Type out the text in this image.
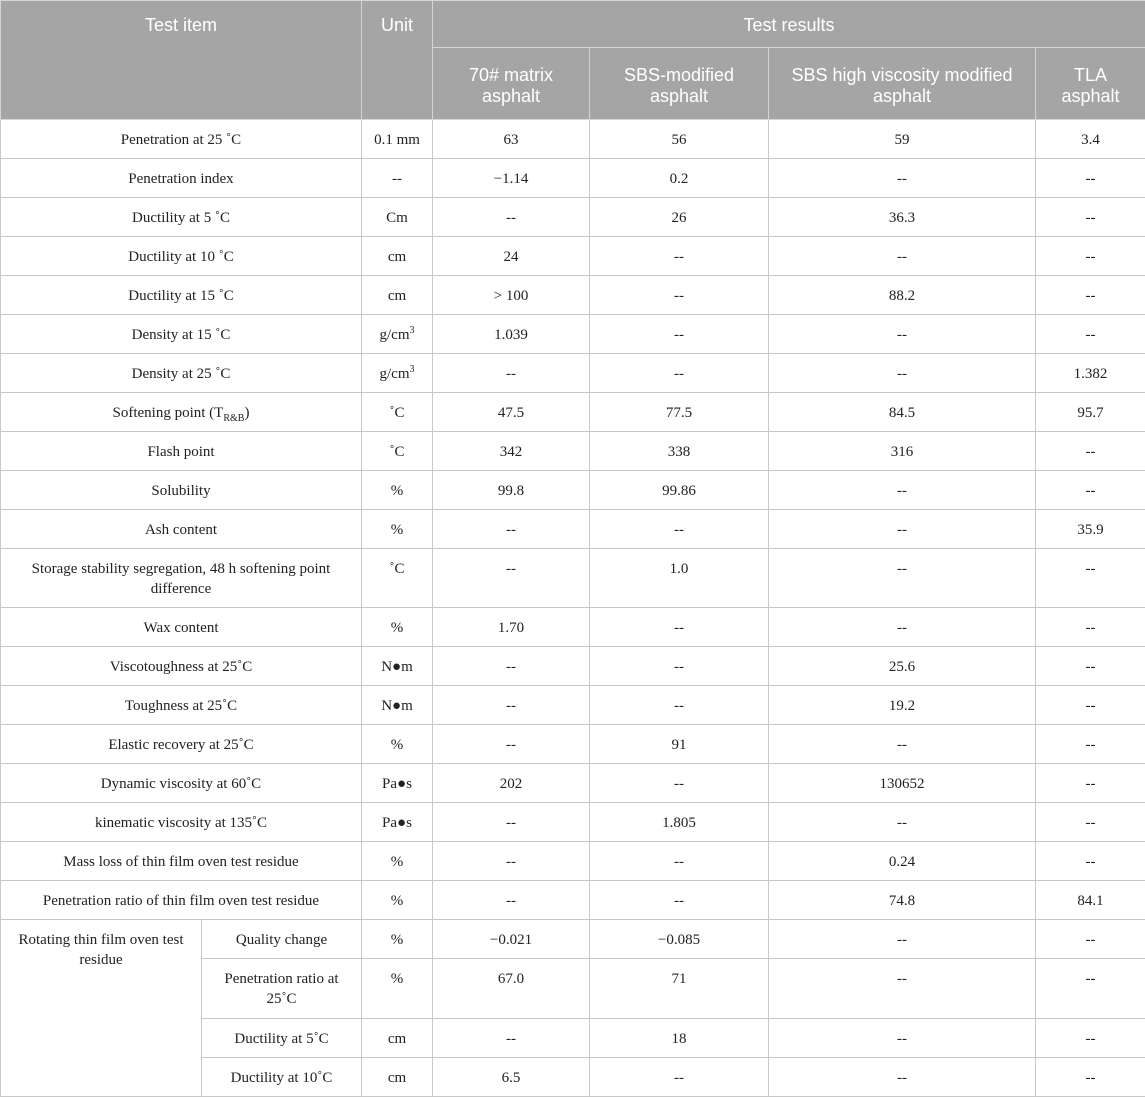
Test item		Unit	Test results			
			70# matrix asphalt	SBS-modified asphalt	SBS high viscosity modified asphalt	TLA asphalt
Penetration at 25 ˚C		0.1 mm	63	56	59	3.4
Penetration index		--	−1.14	0.2	--	--
Ductility at 5 ˚C		Cm	--	26	36.3	--
Ductility at 10 ˚C		cm	24	--	--	--
Ductility at 15 ˚C		cm	> 100	--	88.2	--
Density at 15 ˚C		$g/cm^3$	1.039	--	--	--
Density at 25 ˚C		$g/cm^3$	--	--	--	1.382
Softening point $(T_{R\&B})$		˚C	47.5	77.5	84.5	95.7
Flash point		˚C	342	338	316	--
Solubility		%	99.8	99.86	--	--
Ash content		%	--	--	--	35.9
Storage stability segregation, 48 h softening point difference		˚C	--	1.0	--	--
Wax content		%	1.70	--	--	--
Viscotoughness at 25˚C		N●m	--	--	25.6	--
Toughness at 25˚C		N●m	--	--	19.2	--
Elastic recovery at 25˚C		%	--	91	--	--
Dynamic viscosity at 60˚C		Pa●s	202	--	130652	--
kinematic viscosity at 135˚C		Pa●s	--	1.805	--	--
Mass loss of thin film oven test residue		%	--	--	0.24	--
Penetration ratio of thin film oven test residue		%	--	--	74.8	84.1
Rotating thin film oven test residue	Quality change	%	−0.021	−0.085	--	--
	Penetration ratio at 25˚C	%	67.0	71	--	--
	Ductility at 5˚C	cm	--	18	--	--
	Ductility at 10˚C	cm	6.5	--	--	--
